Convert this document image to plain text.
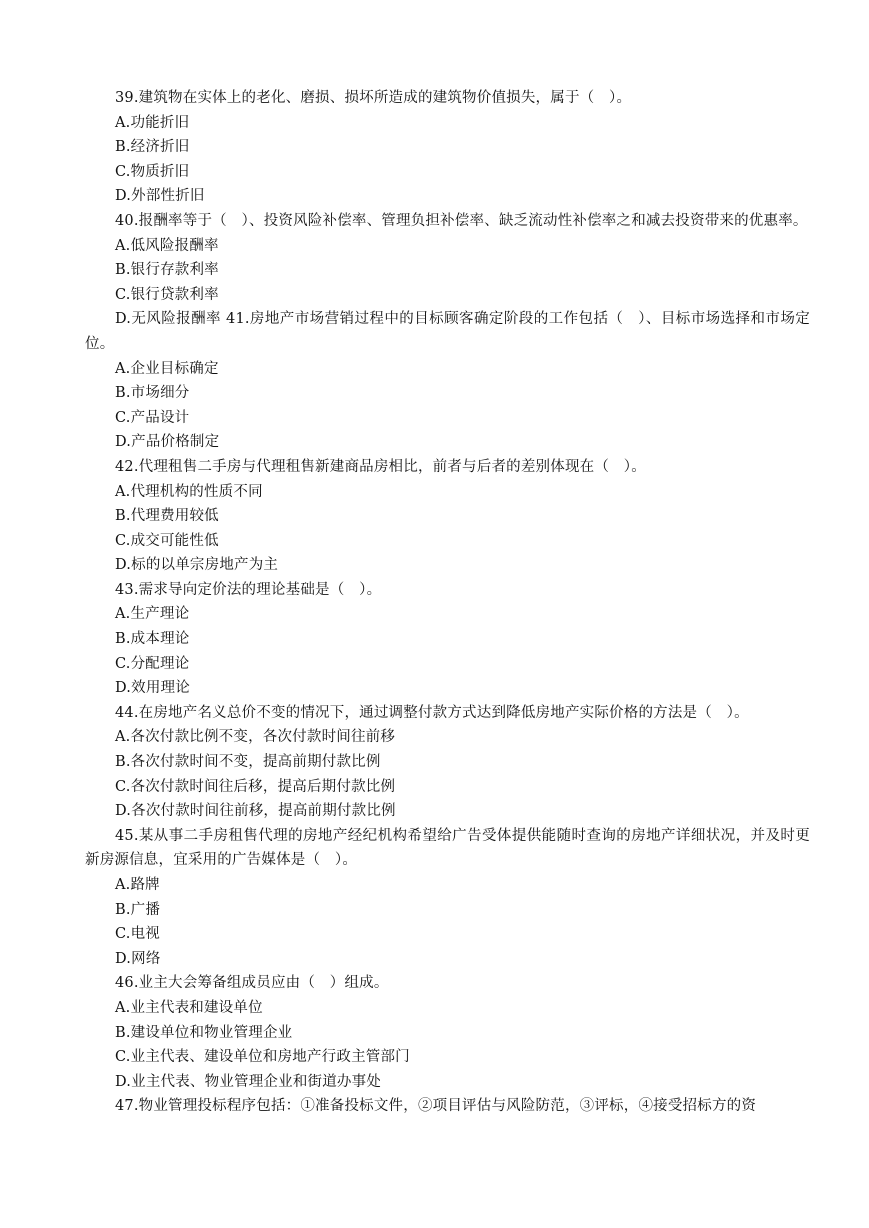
39.建筑物在实体上的老化、磨损、损坏所造成的建筑物价值损失，属于（　）。
A.功能折旧
B.经济折旧
C.物质折旧
D.外部性折旧
40.报酬率等于（　）、投资风险补偿率、管理负担补偿率、缺乏流动性补偿率之和减去投资带来的优惠率。
A.低风险报酬率
B.银行存款利率
C.银行贷款利率
D.无风险报酬率 41.房地产市场营销过程中的目标顾客确定阶段的工作包括（　）、目标市场选择和市场定位。
A.企业目标确定
B.市场细分
C.产品设计
D.产品价格制定
42.代理租售二手房与代理租售新建商品房相比，前者与后者的差别体现在（　）。
A.代理机构的性质不同
B.代理费用较低
C.成交可能性低
D.标的以单宗房地产为主
43.需求导向定价法的理论基础是（　）。
A.生产理论
B.成本理论
C.分配理论
D.效用理论
44.在房地产名义总价不变的情况下，通过调整付款方式达到降低房地产实际价格的方法是（　）。
A.各次付款比例不变，各次付款时间往前移
B.各次付款时间不变，提高前期付款比例
C.各次付款时间往后移，提高后期付款比例
D.各次付款时间往前移，提高前期付款比例
45.某从事二手房租售代理的房地产经纪机构希望给广告受体提供能随时查询的房地产详细状况，并及时更新房源信息，宜采用的广告媒体是（　）。
A.路牌
B.广播
C.电视
D.网络
46.业主大会筹备组成员应由（　）组成。
A.业主代表和建设单位
B.建设单位和物业管理企业
C.业主代表、建设单位和房地产行政主管部门
D.业主代表、物业管理企业和街道办事处
47.物业管理投标程序包括：①准备投标文件，②项目评估与风险防范，③评标，④接受招标方的资
